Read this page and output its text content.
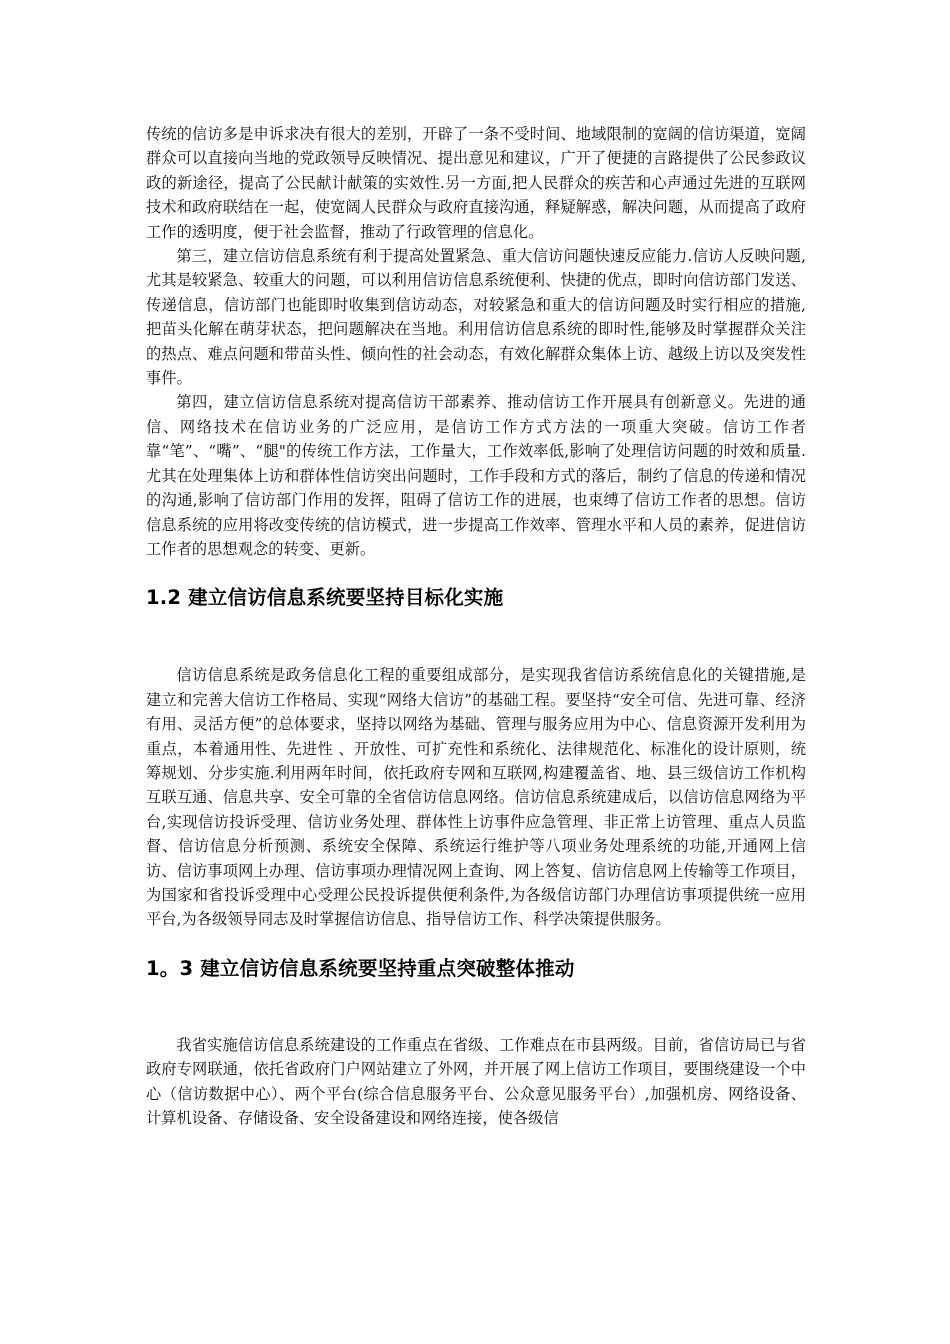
传统的信访多是申诉求决有很大的差别，开辟了一条不受时间、地域限制的宽阔的信访渠道，宽阔群众可以直接向当地的党政领导反映情况、提出意见和建议，广开了便捷的言路提供了公民参政议政的新途径，提高了公民献计献策的实效性.另一方面,把人民群众的疾苦和心声通过先进的互联网技术和政府联结在一起，使宽阔人民群众与政府直接沟通，释疑解惑，解决问题，从而提高了政府工作的透明度，便于社会监督，推动了行政管理的信息化。

第三，建立信访信息系统有利于提高处置紧急、重大信访问题快速反应能力.信访人反映问题,尤其是较紧急、较重大的问题，可以利用信访信息系统便利、快捷的优点，即时向信访部门发送、传递信息，信访部门也能即时收集到信访动态，对较紧急和重大的信访问题及时实行相应的措施,把苗头化解在萌芽状态，把问题解决在当地。利用信访信息系统的即时性,能够及时掌握群众关注的热点、难点问题和带苗头性、倾向性的社会动态，有效化解群众集体上访、越级上访以及突发性事件。

第四，建立信访信息系统对提高信访干部素养、推动信访工作开展具有创新意义。先进的通信、网络技术在信访业务的广泛应用，是信访工作方式方法的一项重大突破。信访工作者靠“笔”、“嘴”、“腿"的传统工作方法，工作量大，工作效率低,影响了处理信访问题的时效和质量.尤其在处理集体上访和群体性信访突出问题时，工作手段和方式的落后，制约了信息的传递和情况的沟通,影响了信访部门作用的发挥，阻碍了信访工作的进展，也束缚了信访工作者的思想。信访信息系统的应用将改变传统的信访模式，进一步提高工作效率、管理水平和人员的素养，促进信访工作者的思想观念的转变、更新。

1.2 建立信访信息系统要坚持目标化实施

信访信息系统是政务信息化工程的重要组成部分，是实现我省信访系统信息化的关键措施,是建立和完善大信访工作格局、实现“网络大信访”的基础工程。要坚持“安全可信、先进可靠、经济有用、灵活方便”的总体要求，坚持以网络为基础、管理与服务应用为中心、信息资源开发利用为重点，本着通用性、先进性 、开放性、可扩充性和系统化、法律规范化、标准化的设计原则，统筹规划、分步实施.利用两年时间，依托政府专网和互联网,构建覆盖省、地、县三级信访工作机构互联互通、信息共享、安全可靠的全省信访信息网络。信访信息系统建成后，以信访信息网络为平台,实现信访投诉受理、信访业务处理、群体性上访事件应急管理、非正常上访管理、重点人员监督、信访信息分析预测、系统安全保障、系统运行维护等八项业务处理系统的功能,开通网上信访、信访事项网上办理、信访事项办理情况网上查询、网上答复、信访信息网上传输等工作项目，为国家和省投诉受理中心受理公民投诉提供便利条件,为各级信访部门办理信访事项提供统一应用平台,为各级领导同志及时掌握信访信息、指导信访工作、科学决策提供服务。

1。3 建立信访信息系统要坚持重点突破整体推动

我省实施信访信息系统建设的工作重点在省级、工作难点在市县两级。目前，省信访局已与省政府专网联通，依托省政府门户网站建立了外网，并开展了网上信访工作项目，要围绕建设一个中心（信访数据中心）、两个平台(综合信息服务平台、公众意见服务平台）,加强机房、网络设备、计算机设备、存储设备、安全设备建设和网络连接，使各级信
